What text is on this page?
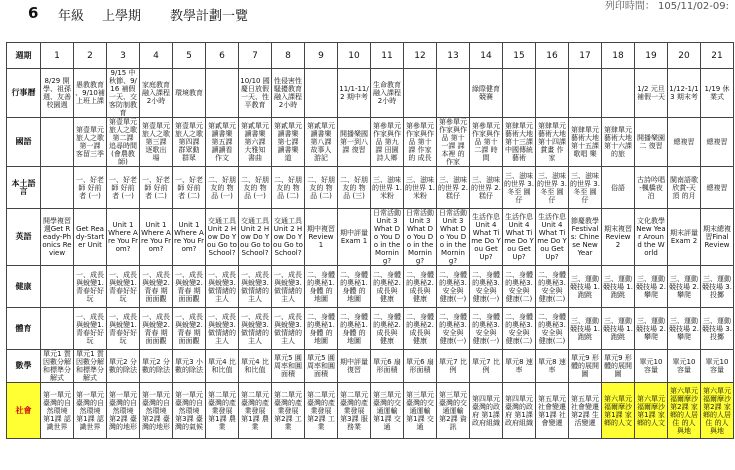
6 年級 上學期 教學計劃一覽
列印時間： 105/11/02-09:
週期	1	2	3	4	5	6	7	8	9	10	11	12	13	14	15	16	17	18	19	20	21
行事曆	8/29 開學、祖孫週、友善校園週	愚教教育 、9/10補上班上課	9/15 中秋節、9/16 補假一天、交 客防制教育	家庭教育 融入課程 2小時	環境教育		10/10 國慶日放假一天、性平教育	性侵害性 騷擾教育融入課程 2小時		11/1-11/2 期中考	生命教育 融入課程 2小時			綠際健育 競賽					1/2 元旦補假一天	1/12-1/13 期末考	1/19 休業式
國語		第壹單元 旅人之歌 第一課 客留三季	第壹單元 旅人之歌 第二課 追尋時間 (會農教師)	第壹單元 旅人之歌 第三課 逐歌出 場	第壹單元 旅人之歌 第四課 群眾動 群眾	第貳單元 讀書樂 第五課 讀讀看 作文	第貳單元 讀書樂 第六課 大雅知 書曲	第貳單元 讀書樂 第七課 讀書樂 道	第貳單元 讀書樂 第八課 故事人 游記	開播樂國 第一到八課 復習	第參單元 作家與作品 第九課 田園詩人鄉	第參單元 作家與作品 第十課 作家的 成長	第參單元 作家與作品 第十一課 課本裡 的作家	第參單元 作家與作品 第十二課 時 間	第肆單元 藝術大地 第十三課 中國傳統藝術	第肆單元 藝術大地 第十四課 賞畫 作家	第肆單元 藝術大地 第十五課 歌唱 樂	第肆單元 藝術大地 第十六課 的旅	開播樂園 二 復習	總複習	總複習
本土語言		一、好老 師 好前 者 (一)	一、好老 師 好前 者 (一)	一、好老 師 好前 者 (二)	一、好老 師 好前 者 (二)	二、好朋 友的 物品 (一)	二、好朋 友的 物品 (一)	二、好朋 友的 物品 (二)	二、好朋 友的 物品 (二)	二、好朋 友的 物品 (三)	三、滋味 的世界 1.米粉	三、滋味 的世界 1.米粉	三、滋味 的世界 2.糕仔	三、滋味 的世界 2.糕仔	三、滋味 的世界 3.冬至 圓仔	三、滋味 的世界 3.冬至 圓仔	三、滋味 的世界 3.冬至 圓仔	俗語	古詩吟唱 -楓橋夜泊	閩南語歌 欣賞-天頂 的月	總複習
英語	開學複習 週Get Ready-Phonics Review	Get Ready-Starter Unit	Unit 1 Where Are You From?	Unit 1 Where Are You From?	Unit 1 Where Are You From?	交通工具 Unit 2 How Do You Go to School?	交通工具 Unit 2 How Do You Go to School?	交通工具 Unit 2 How Do You Go to School?	期中複習 Review 1	期中評量 Exam 1	日常活動 Unit 3 What Do You Do in the Morning?	日常活動 Unit 3 What Do You Do in the Morning?	日常活動 Unit 3 What Do You Do in the Morning?	生活作息 Unit 4 What Time Do You Get Up?	生活作息 Unit 4 What Time Do You Get Up?	生活作息 Unit 4 What Time Do You Get Up?	節慶教學 Festivals: Chinese New Year	期末複習 Review 2	文化教學 New Year Around the World	期末評量 Exam 2	期末總複 習Final Review
健康		一、成長 與蛻變1.青春好好 玩	一、成長 與蛻變1.青春好好 玩	一、成長 與蛻變2.青春 期面面觀	一、成長 與蛻變2.青春 期面面觀	一、成長 與蛻變3.做情緒的主人	一、成長 與蛻變3.做情緒的主人	一、成長 與蛻變3.做情緒的主人	二、身體 的奧秘1.身體 的地圖	二、身體 的奧秘1.身體 的地圖	二、身體 的奧秘2.成長與 健康	二、身體 的奧秘2.成長與 健康	二、身體 的奧秘3.安全與 健康(一)	二、身體 的奧秘3.安全與 健康(一)	二、身體 的奧秘3.安全與 健康(二)	二、身體 的奧秘3.安全與 健康(二)	三、運動 競技場 1.跑跳	三、運動 競技場 1.跑跳	三、運動 競技場 2.攀爬	三、運動 競技場 2.攀爬	三、運動 競技場 3.投擲
體育		一、成長 與蛻變1.青春好好 玩	一、成長 與蛻變1.青春好好 玩	一、成長 與蛻變2.青春 期面面觀	一、成長 與蛻變2.青春 期面面觀	一、成長 與蛻變3.做情緒的主人	一、成長 與蛻變3.做情緒的主人	一、成長 與蛻變3.做情緒的主人	二、身體 的奧秘1.身體 的地圖	二、身體 的奧秘1.身體 的地圖	二、身體 的奧秘2.成長與 健康	二、身體 的奧秘2.成長與 健康	二、身體 的奧秘3.安全與 健康(一)	二、身體 的奧秘3.安全與 健康(一)	二、身體 的奧秘3.安全與 健康(二)	二、身體 的奧秘3.安全與 健康(二)	三、運動 競技場 1.跑跳	三、運動 競技場 1.跑跳	三、運動 競技場 2.攀爬	三、運動 競技場 2.攀爬	三、運動 競技場 3.投擲
數學	單元1 質因數分解和標準分 解式	單元1 質因數分解和標準分 解式	單元2 分數的除法	單元2 分數的除法	單元3 小數的除法	單元4 比和比值	單元4 比和比值	單元5 圓周率和圓面積	單元5 圓周率和圓面積	期中評量 復習	單元6 扇形面積	單元6 扇形面積	單元7 比例	單元7 比例	單元8 速率	單元8 速率	單元9 形體的展開圖	單元9 形體的展開圖	單元10 容量	單元10 容量	單元10 容量
社會	第一單元 臺灣的自然環境 第1課 認識世界	第一單元 臺灣的自然環境 第1課 認識世界	第一單元 臺灣的自然環境 第2課 臺灣的地形	第一單元 臺灣的自然環境 第2課 臺灣的地形	第一單元 臺灣的自然環境 第3課 臺灣的氣候	第二單元 臺灣的產業發展 第1課 農業	第二單元 臺灣的產業發展 第1課 農業	第二單元 臺灣的產業發展 第2課 工業	第二單元 臺灣的產業發展 第2課 工業	第二單元 臺灣的產業發展 第3課 服務業	第三單元 臺灣的交通運輸 第1課 交通	第三單元 臺灣的交通運輸 第1課 交通	第三單元 臺灣的交通運輸 第2課 資訊	第四單元 臺灣的政府 第1課 政府組織	第四單元 臺灣的政府 第1課 政府組織	第五單元 社會變遷 第1課 社會變遷	第五單元 社會變遷 第2課 生活變遷	第六單元 福爾摩沙 第1課 家鄉的人文	第六單元 福爾摩沙 第1課 家鄉的人文	第六單元 福爾摩沙 第2課 家鄉的人居住 的人與地	第六單元 福爾摩沙 第2課 家鄉的人居住 的人與地
